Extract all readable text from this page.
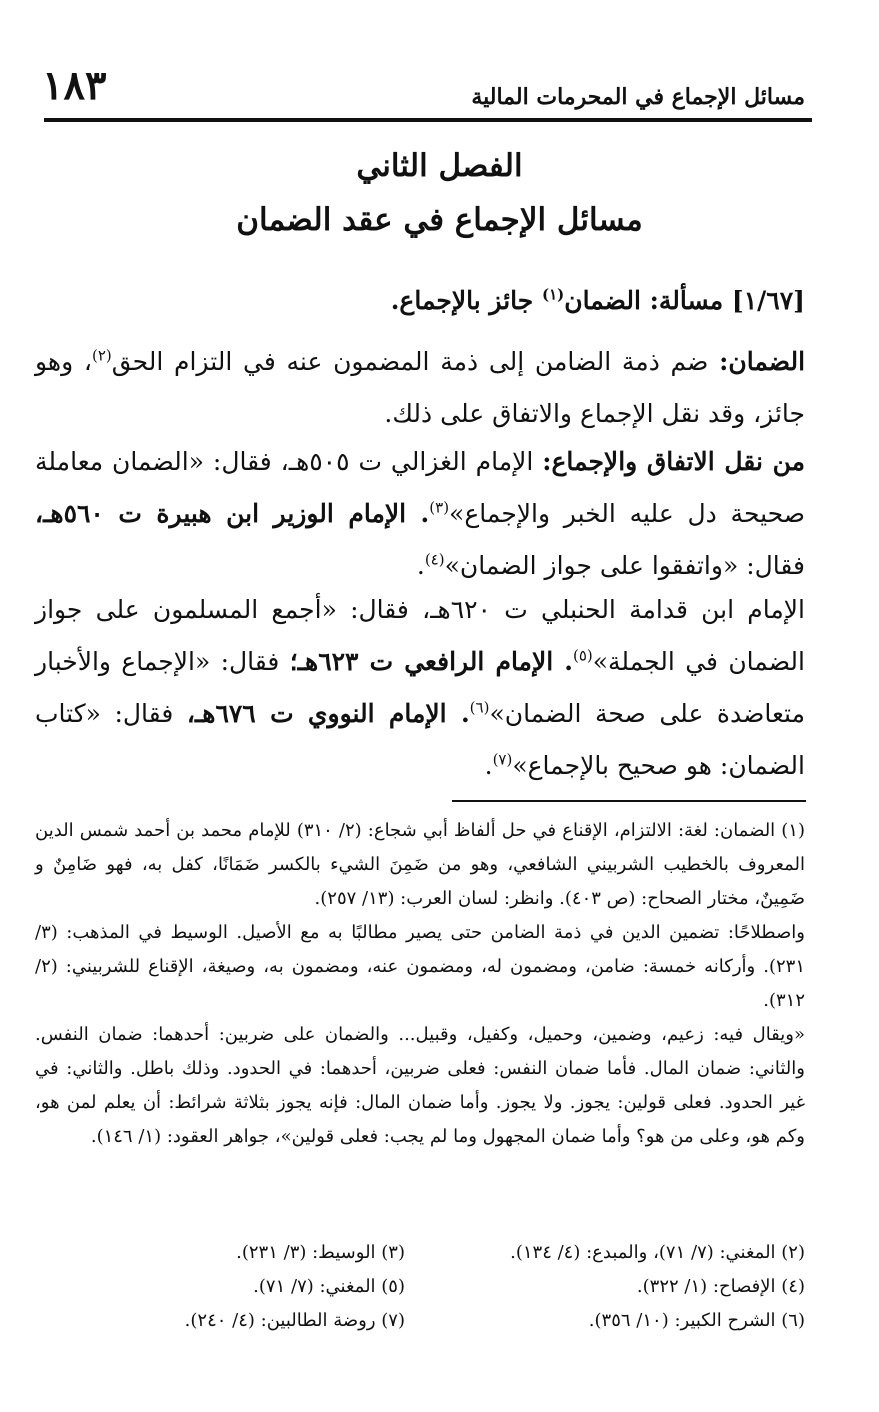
١٨٣	مسائل الإجماع في المحرمات المالية
الفصل الثاني
مسائل الإجماع في عقد الضمان
[١/٦٧] مسألة: الضمان$^{(١)}$ جائز بالإجماع.
الضمان: ضم ذمة الضامن إلى ذمة المضمون عنه في التزام الحق$^{(٢)}$، وهو جائز، وقد نقل الإجماع والاتفاق على ذلك.
من نقل الاتفاق والإجماع: الإمام الغزالي ت ٥٠٥هـ، فقال: «الضمان معاملة صحيحة دل عليه الخبر والإجماع»$^{(٣)}$. الإمام الوزير ابن هبيرة ت ٥٦٠هـ، فقال: «واتفقوا على جواز الضمان»$^{(٤)}$.
الإمام ابن قدامة الحنبلي ت ٦٢٠هـ، فقال: «أجمع المسلمون على جواز الضمان في الجملة»$^{(٥)}$. الإمام الرافعي ت ٦٢٣هـ؛ فقال: «الإجماع والأخبار متعاضدة على صحة الضمان»$^{(٦)}$. الإمام النووي ت ٦٧٦هـ، فقال: «كتاب الضمان: هو صحيح بالإجماع»$^{(٧)}$.

(١) الضمان: لغة: الالتزام، الإقناع في حل ألفاظ أبي شجاع: (٢/ ٣١٠) للإمام محمد بن أحمد شمس الدين المعروف بالخطيب الشربيني الشافعي، وهو من ضَمِنَ الشيء بالكسر ضَمَانًا، كفل به، فهو ضَامِنٌ و ضَمِينٌ، مختار الصحاح: (ص ٤٠٣). وانظر: لسان العرب: (١٣/ ٢٥٧).

واصطلاحًا: تضمين الدين في ذمة الضامن حتى يصير مطالبًا به مع الأصيل. الوسيط في المذهب: (٣/ ٢٣١). وأركانه خمسة: ضامن، ومضمون له، ومضمون عنه، ومضمون به، وصيغة، الإقناع للشربيني: (٢/ ٣١٢).

«ويقال فيه: زعيم، وضمين، وحميل، وكفيل، وقبيل... والضمان على ضربين: أحدهما: ضمان النفس. والثاني: ضمان المال. فأما ضمان النفس: فعلى ضربين، أحدهما: في الحدود. وذلك باطل. والثاني: في غير الحدود. فعلى قولين: يجوز. ولا يجوز. وأما ضمان المال: فإنه يجوز بثلاثة شرائط: أن يعلم لمن هو، وكم هو، وعلى من هو؟ وأما ضمان المجهول وما لم يجب: فعلى قولين»، جواهر العقود: (١/ ١٤٦).

(٢) المغني: (٧/ ٧١)، والمبدع: (٤/ ١٣٤).
(٣) الوسيط: (٣/ ٢٣١).
(٤) الإفصاح: (١/ ٣٢٢).
(٥) المغني: (٧/ ٧١).
(٦) الشرح الكبير: (١٠/ ٣٥٦).
(٧) روضة الطالبين: (٤/ ٢٤٠).
